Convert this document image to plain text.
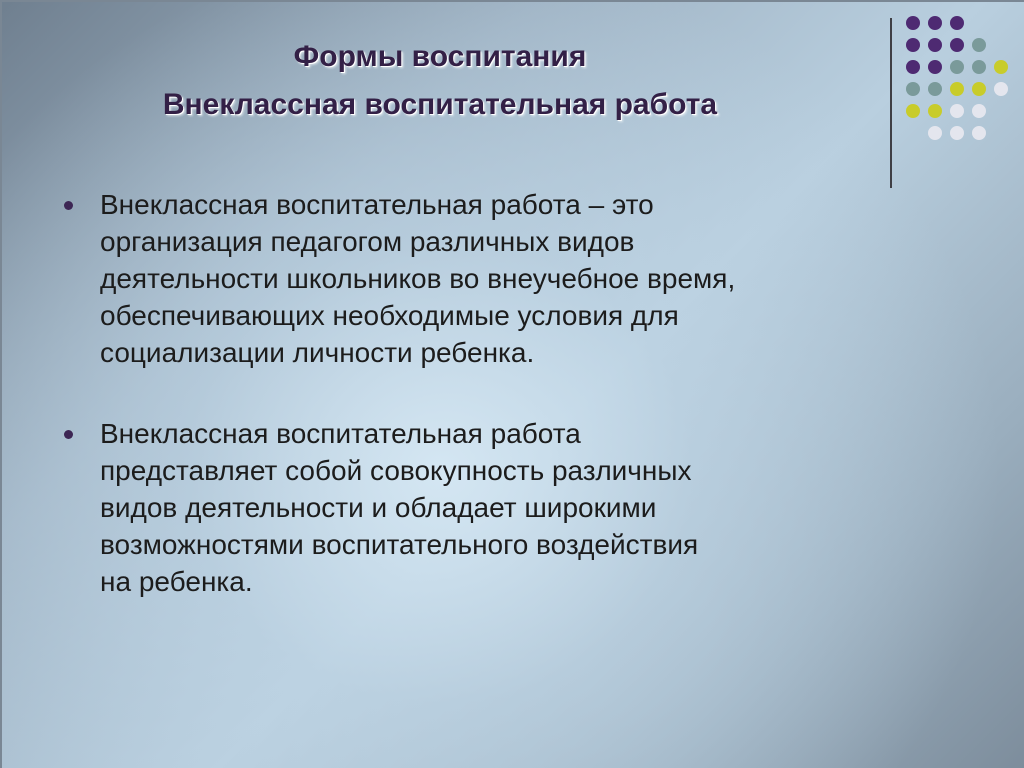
Формы воспитания
Внеклассная воспитательная работа
Внеклассная воспитательная работа – это
организация педагогом различных видов
деятельности школьников во внеучебное время,
обеспечивающих необходимые условия для
социализации личности ребенка.
Внеклассная воспитательная работа
представляет собой совокупность различных
видов деятельности и обладает широкими
возможностями воспитательного воздействия
на ребенка.
